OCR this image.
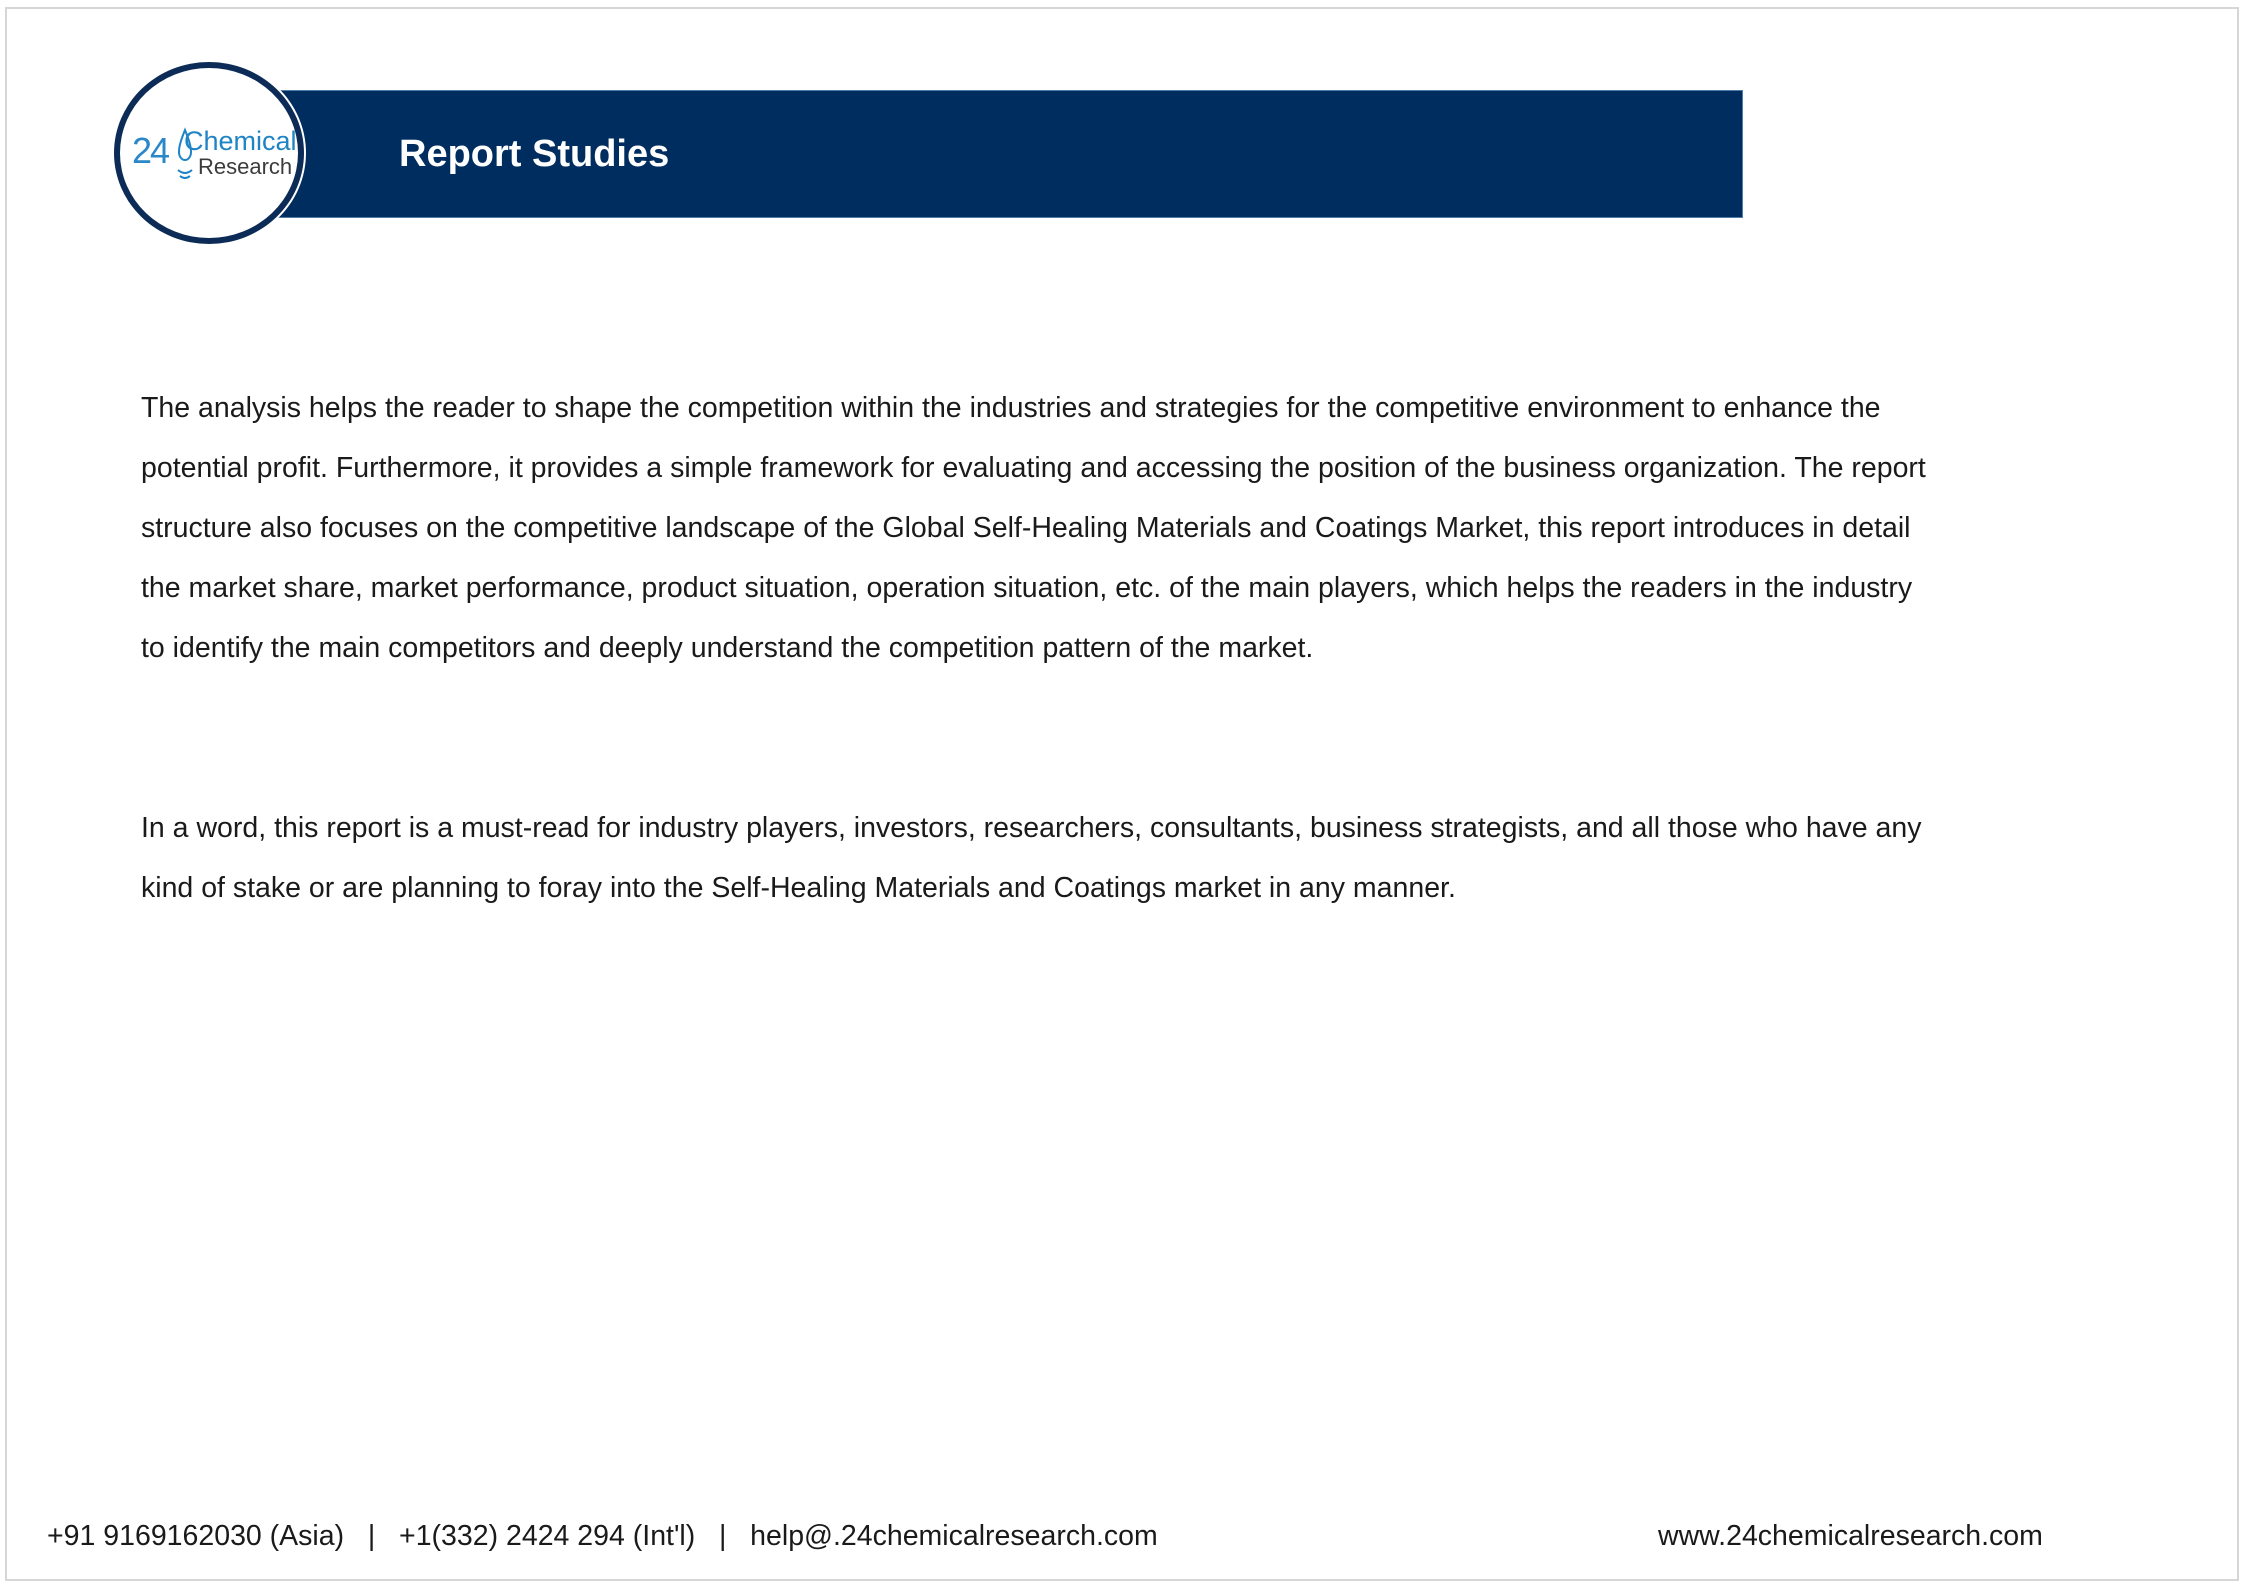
Report Studies
24 Chemical
Research
The analysis helps the reader to shape the competition within the industries and strategies for the competitive environment to enhance the
potential profit. Furthermore, it provides a simple framework for evaluating and accessing the position of the business organization. The report
structure also focuses on the competitive landscape of the Global Self-Healing Materials and Coatings Market, this report introduces in detail
the market share, market performance, product situation, operation situation, etc. of the main players, which helps the readers in the industry
to identify the main competitors and deeply understand the competition pattern of the market.
In a word, this report is a must-read for industry players, investors, researchers, consultants, business strategists, and all those who have any
kind of stake or are planning to foray into the Self-Healing Materials and Coatings market in any manner.
+91 9169162030 (Asia) | +1(332) 2424 294 (Int'l) | help@.24chemicalresearch.com	www.24chemicalresearch.com
